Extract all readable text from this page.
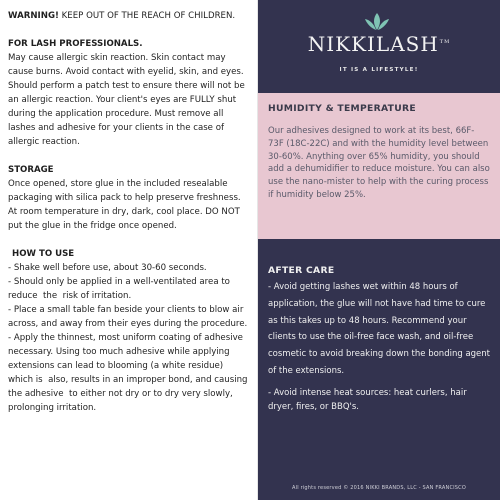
WARNING! KEEP OUT OF THE REACH OF CHILDREN.
FOR LASH PROFESSIONALS.
May cause allergic skin reaction. Skin contact may cause burns. Avoid contact with eyelid, skin, and eyes. Should perform a patch test to ensure there will not be an allergic reaction. Your client's eyes are FULLY shut during the application procedure. Must remove all lashes and adhesive for your clients in the case of allergic reaction.
STORAGE
Once opened, store glue in the included resealable packaging with silica pack to help preserve freshness. At room temperature in dry, dark, cool place. DO NOT put the glue in the fridge once opened.
HOW TO USE
- Shake well before use, about 30-60 seconds.
- Should only be applied in a well-ventilated area to reduce  the  risk of irritation.
- Place a small table fan beside your clients to blow air across, and away from their eyes during the procedure.
- Apply the thinnest, most uniform coating of adhesive necessary. Using too much adhesive while applying  extensions can lead to blooming (a white residue) which is  also, results in an improper bond, and causing the adhesive  to either not dry or to dry very slowly, prolonging irritation.
NIKKILASH™
IT IS A LIFESTYLE!
HUMIDITY & TEMPERATURE
Our adhesives designed to work at its best, 66F-73F (18C-22C) and with the humidity level between 30-60%. Anything over 65% humidity, you should add a dehumidifier to reduce moisture. You can also use the nano-mister to help with the curing process if humidity below 25%.
AFTER CARE
- Avoid getting lashes wet within 48 hours of application, the glue will not have had time to cure as this takes up to 48 hours. Recommend your clients to use the oil-free face wash, and oil-free cosmetic to avoid breaking down the bonding agent of the extensions.
- Avoid intense heat sources: heat curlers, hair dryer, fires, or BBQ's.
All rights reserved © 2016 NIKKI BRANDS, LLC - SAN FRANCISCO
